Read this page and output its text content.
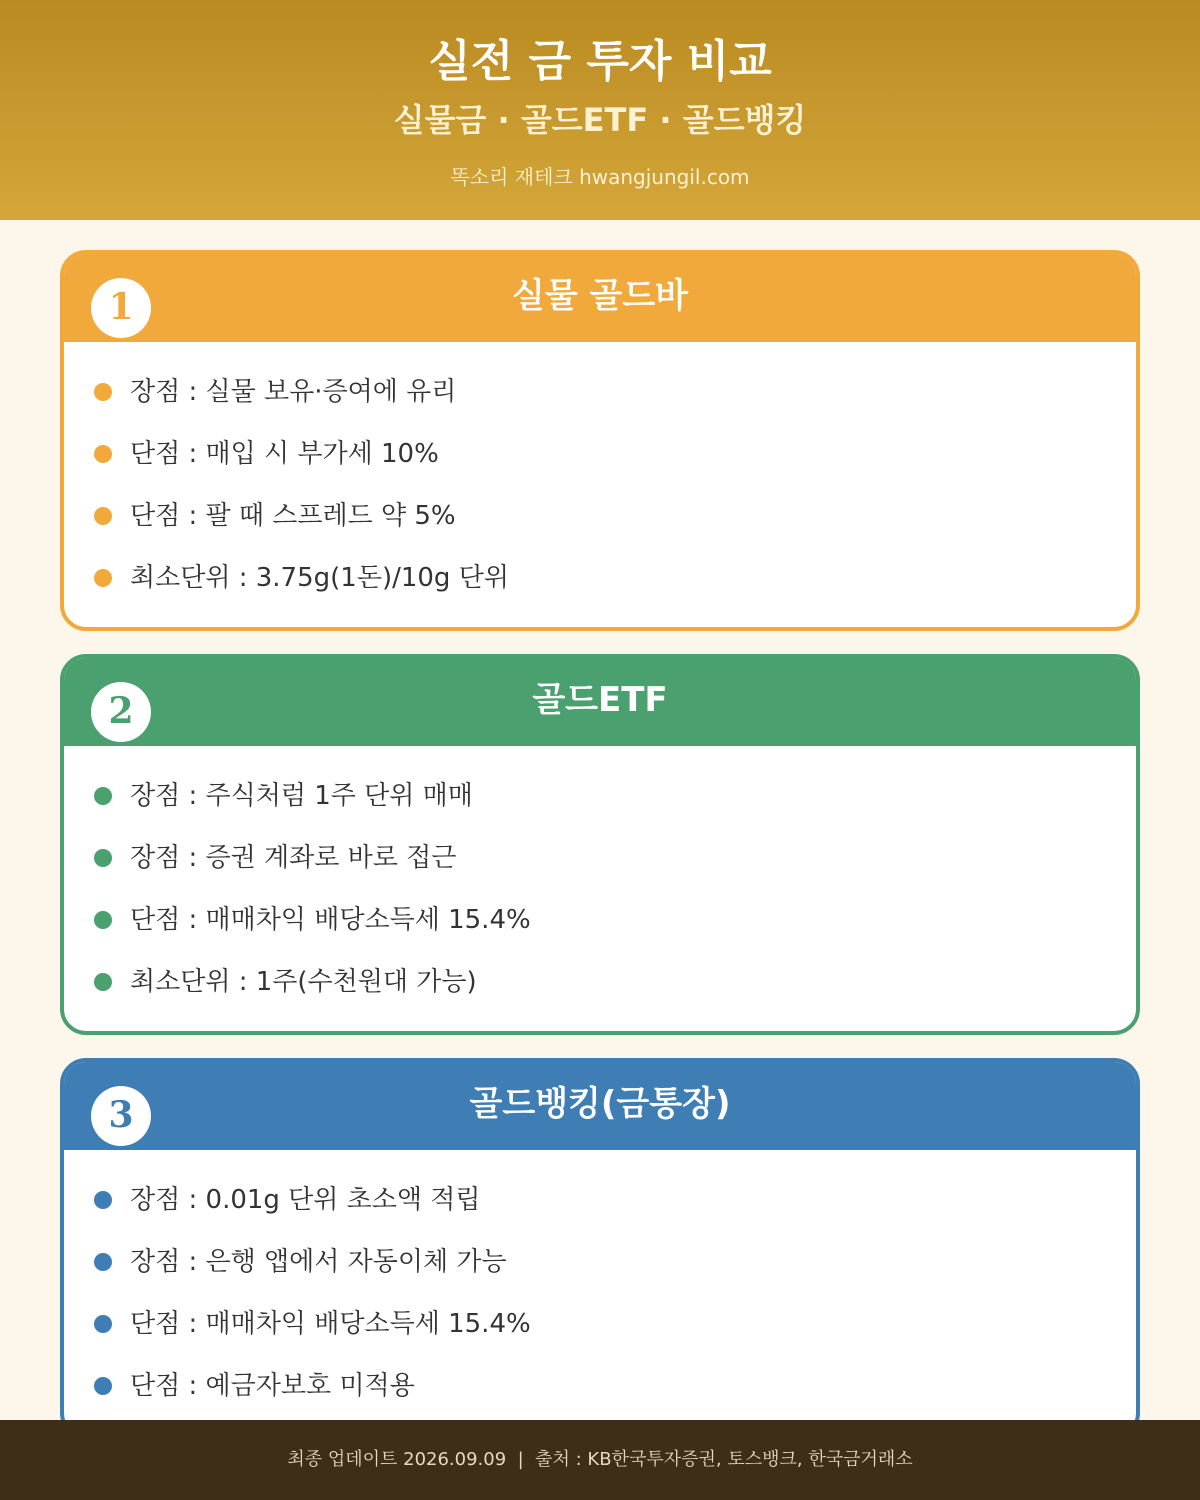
실전 금 투자 비교
실물금 · 골드ETF · 골드뱅킹
똑소리 재테크 hwangjungil.com
1	실물 골드바
장점 : 실물 보유·증여에 유리
단점 : 매입 시 부가세 10%
단점 : 팔 때 스프레드 약 5%
최소단위 : 3.75g(1돈)/10g 단위
2	골드ETF
장점 : 주식처럼 1주 단위 매매
장점 : 증권 계좌로 바로 접근
단점 : 매매차익 배당소득세 15.4%
최소단위 : 1주(수천원대 가능)
3	골드뱅킹(금통장)
장점 : 0.01g 단위 초소액 적립
장점 : 은행 앱에서 자동이체 가능
단점 : 매매차익 배당소득세 15.4%
단점 : 예금자보호 미적용
최종 업데이트 2026.09.09  |  출처 : KB한국투자증권, 토스뱅크, 한국금거래소
